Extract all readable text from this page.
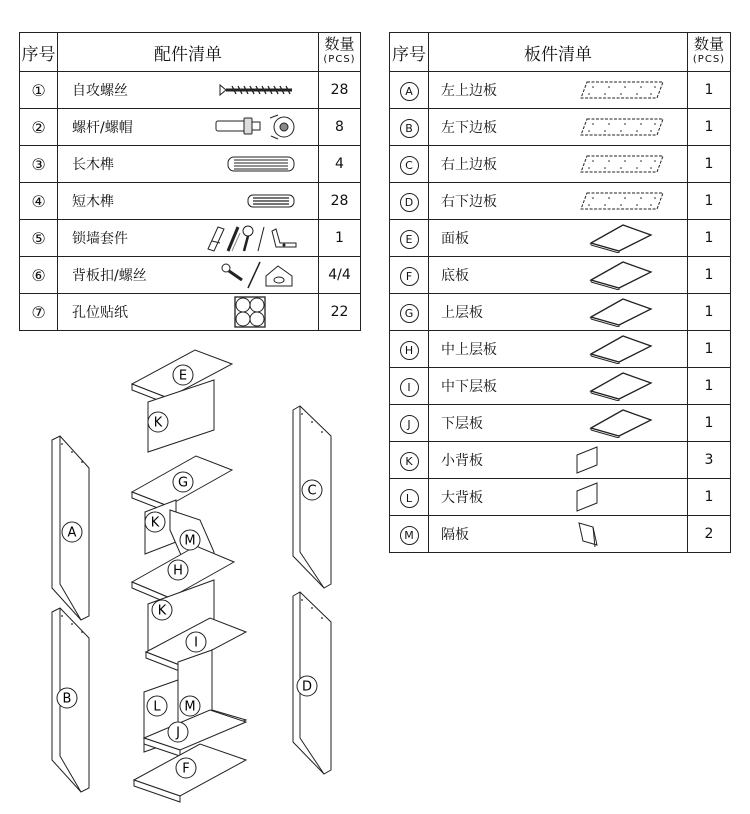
序号	配件清单	数量
(PCS)

①	自攻螺丝	28
②	螺杆/螺帽	8
③	长木榫	4
④	短木榫	28
⑤	锁墙套件	1
⑥	背板扣/螺丝	4/4
⑦	孔位贴纸	22
序号	板件清单	数量
(PCS)

A	左上边板	1
B	左下边板	1
C	右上边板	1
D	右下边板	1
E	面板	1
F	底板	1
G	上层板	1
H	中上层板	1
I	中下层板	1
J	下层板	1
K	小背板	3
L	大背板	1
M	隔板	2
A
B
C
D
E
F
G
H
I
J
L
M
K
K
K
M
